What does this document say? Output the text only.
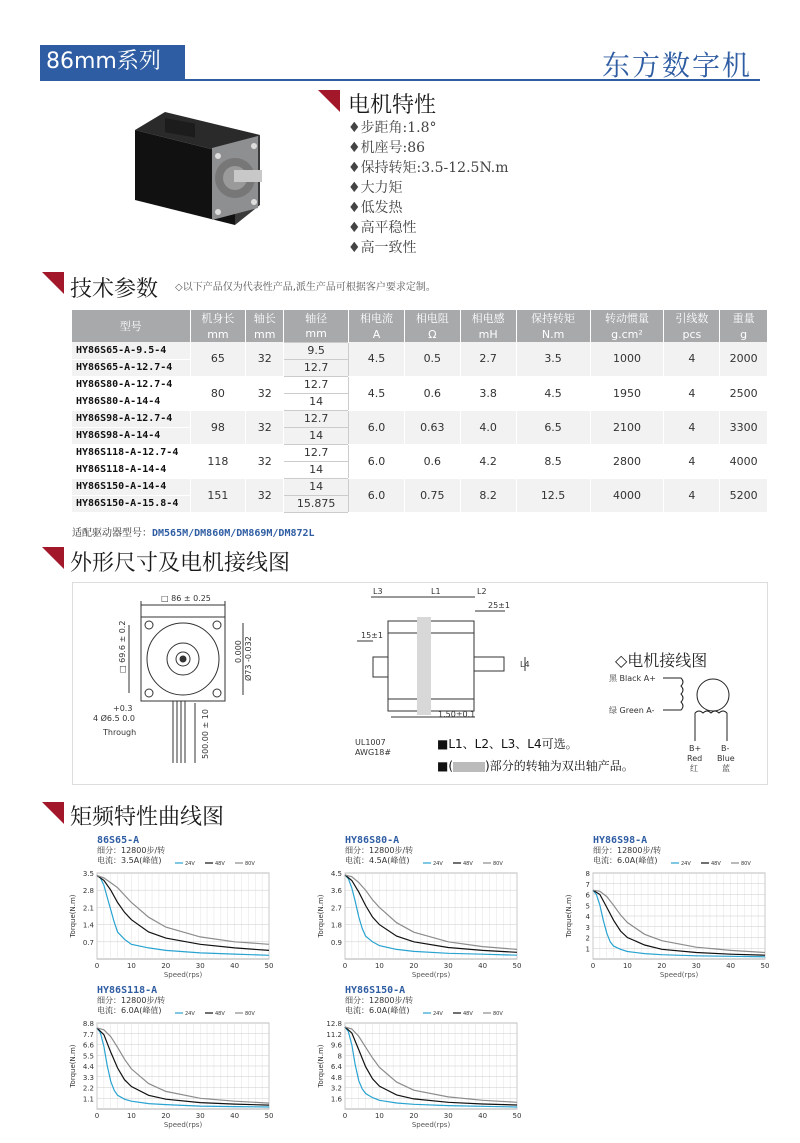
86mm系列	东方数字机
电机特性
♦步距角:1.8°
♦机座号:86
♦保持转矩:3.5-12.5N.m
♦大力矩
♦低发热
♦高平稳性
♦高一致性
技术参数 ◇以下产品仅为代表性产品,派生产品可根据客户要求定制。
型号	机身长	轴长	轴径	相电流	相电阻	相电感	保持转矩	转动惯量	引线数	重量
	mm	mm	mm	A	Ω	mH	N.m	g.cm²	pcs	g
HY86S65-A-9.5-4	65	32	9.5	4.5	0.5	2.7	3.5	1000	4	2000
HY86S65-A-12.7-4			12.7							
HY86S80-A-12.7-4	80	32	12.7	4.5	0.6	3.8	4.5	1950	4	2500
HY86S80-A-14-4			14							
HY86S98-A-12.7-4	98	32	12.7	6.0	0.63	4.0	6.5	2100	4	3300
HY86S98-A-14-4			14							
HY86S118-A-12.7-4	118	32	12.7	6.0	0.6	4.2	8.5	2800	4	4000
HY86S118-A-14-4			14							
HY86S150-A-14-4	151	32	14	6.0	0.75	8.2	12.5	4000	4	5200
HY86S150-A-15.8-4			15.875							
适配驱动器型号：DM565M/DM860M/DM869M/DM872L
外形尺寸及电机接线图
□ 86 ± 0.25
□ 69.6 ± 0.2	0.000 Ø73 -0.032
+0.3
4 Ø6.5 0.0
Through	500.00 ± 10
L3	L1	L2
25±1
15±1
L4
1.50±0.1
UL1007
AWG18#
黑 Black A+
绿 Green A-
B+
Red
红
B-
Blue
蓝
◇电机接线图
■L1、L2、L3、L4可选。
■(	)部分的转轴为双出轴产品。
矩频特性曲线图
86S65-A
细分：12800步/转
电流：3.5A(峰值)
0.7
1.4
2.1
2.8
3.5
0	10	20	30	40	50
Speed(rps)
Torque(N.m)
24V	48V	80V
HY86S80-A
细分：12800步/转
电流：4.5A(峰值)
0.9
1.8
2.7
3.6
4.5
0	10	20	30	40	50
Speed(rps)
Torque(N.m)
24V	48V	80V
HY86S98-A
细分：12800步/转
电流：6.0A(峰值)
1
2
3
4
5
6
7
8
0	10	20	30	40	50
Speed(rps)
Torque(N.m)
24V	48V	80V
HY86S118-A
细分：12800步/转
电流：6.0A(峰值)
1.1
2.2
3.3
4.4
5.5
6.6
7.7
8.8
0	10	20	30	40	50
Speed(rps)
Torque(N.m)
24V	48V	80V
HY86S150-A
细分：12800步/转
电流：6.0A(峰值)
1.6
3.2
4.8
6.4
8
9.6
11.2
12.8
0	10	20	30	40	50
Speed(rps)
Torque(N.m)
24V	48V	80V
